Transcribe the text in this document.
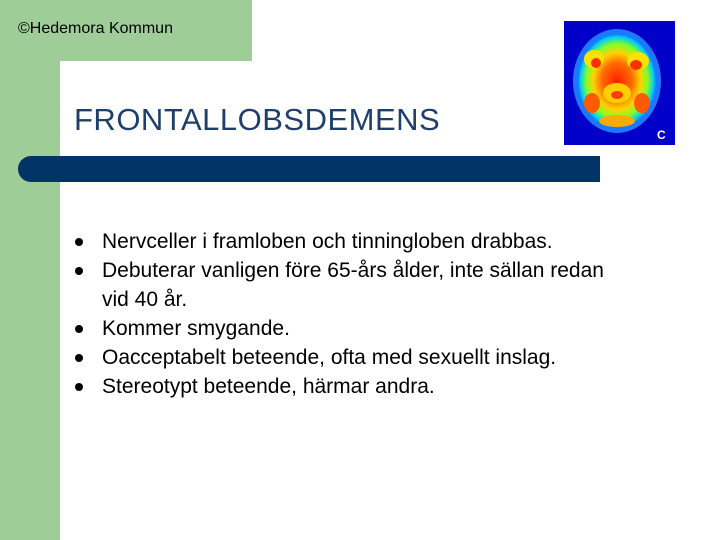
©Hedemora Kommun
FRONTALLOBSDEMENS	C
Nervceller i framloben och tinningloben drabbas.
Debuterar vanligen före 65-års ålder, inte sällan redan vid 40 år.
Kommer smygande.
Oacceptabelt beteende, ofta med sexuellt inslag.
Stereotypt beteende, härmar andra.
